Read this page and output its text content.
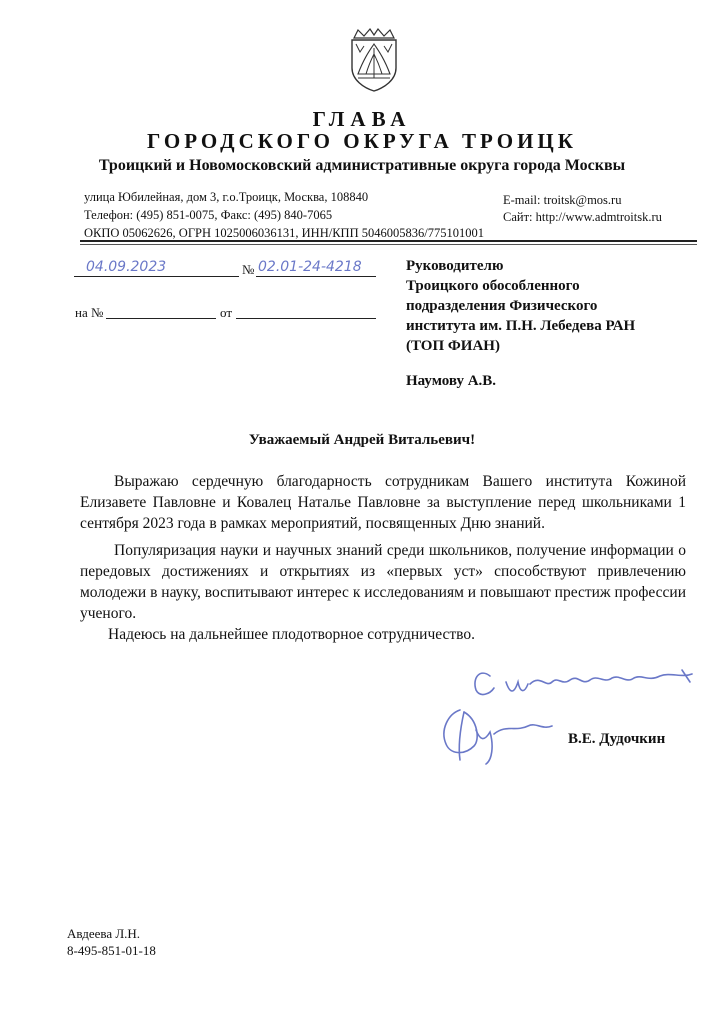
ГЛАВА
ГОРОДСКОГО ОКРУГА ТРОИЦК
Троицкий и Новомосковский административные округа города Москвы
улица Юбилейная, дом 3, г.о.Троицк, Москва, 108840
Телефон: (495) 851-0075, Факс: (495) 840-7065
ОКПО 05062626, ОГРН 1025006036131, ИНН/КПП 5046005836/775101001
E-mail: troitsk@mos.ru
Сайт: http://www.admtroitsk.ru
04.09.2023	№ 02.01-24-4218
на №	от
Руководителю
Троицкого обособленного
подразделения Физического
института им. П.Н. Лебедева РАН
(ТОП ФИАН)
Наумову А.В.
Уважаемый Андрей Витальевич!
Выражаю сердечную благодарность сотрудникам Вашего института Кожиной Елизавете Павловне и Ковалец Наталье Павловне за выступление перед школьниками 1 сентября 2023 года в рамках мероприятий, посвященных Дню знаний.
Популяризация науки и научных знаний среди школьников, получение информации о передовых достижениях и открытиях из «первых уст» способствуют привлечению молодежи в науку, воспитывают интерес к исследованиям и повышают престиж профессии ученого.
Надеюсь на дальнейшее плодотворное сотрудничество.
В.Е. Дудочкин
Авдеева Л.Н.
8-495-851-01-18
